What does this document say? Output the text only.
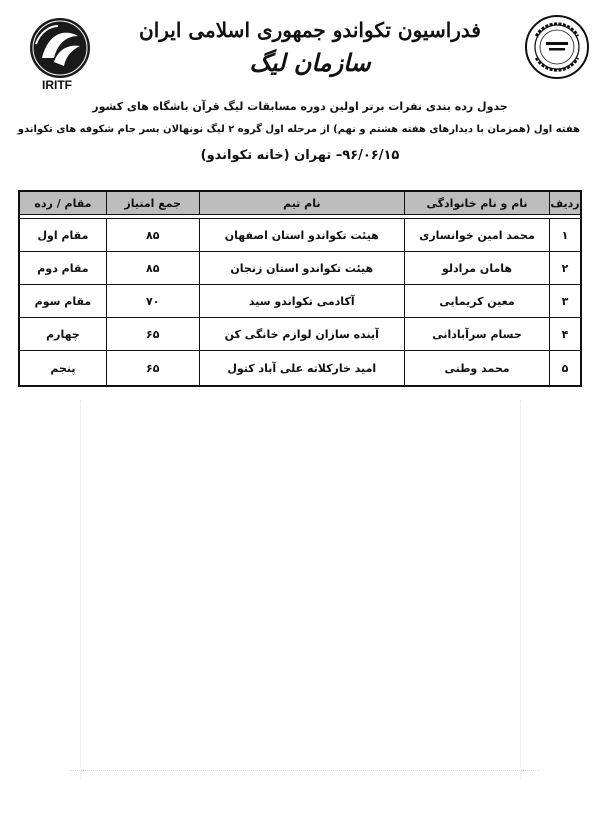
IRITF
فدراسیون تکواندو جمهوری اسلامی ایران
سازمان لیگ
جدول رده بندی نفرات برتر اولین دوره مسابقات لیگ قرآن باشگاه های کشور
هفته اول (همزمان با دیدارهای هفته هشتم و نهم) از مرحله اول گروه ۲ لیگ نونهالان پسر جام شکوفه های تکواندو
۹۶/۰۶/۱۵– تهران (خانه تکواندو)
ردیف	نام و نام خانوادگی	نام تیم	جمع امتیاز	مقام / رده

۱	محمد امین خوانساری	هیئت تکواندو استان اصفهان	۸۵	مقام اول
۲	هامان مرادلو	هیئت تکواندو استان زنجان	۸۵	مقام دوم
۳	معین کریمایی	آکادمی تکواندو سید	۷۰	مقام سوم
۴	حسام سرآبادانی	آینده سازان لوازم خانگی کن	۶۵	چهارم
۵	محمد وطنی	امید خارکلاته علی آباد کتول	۶۵	پنجم
